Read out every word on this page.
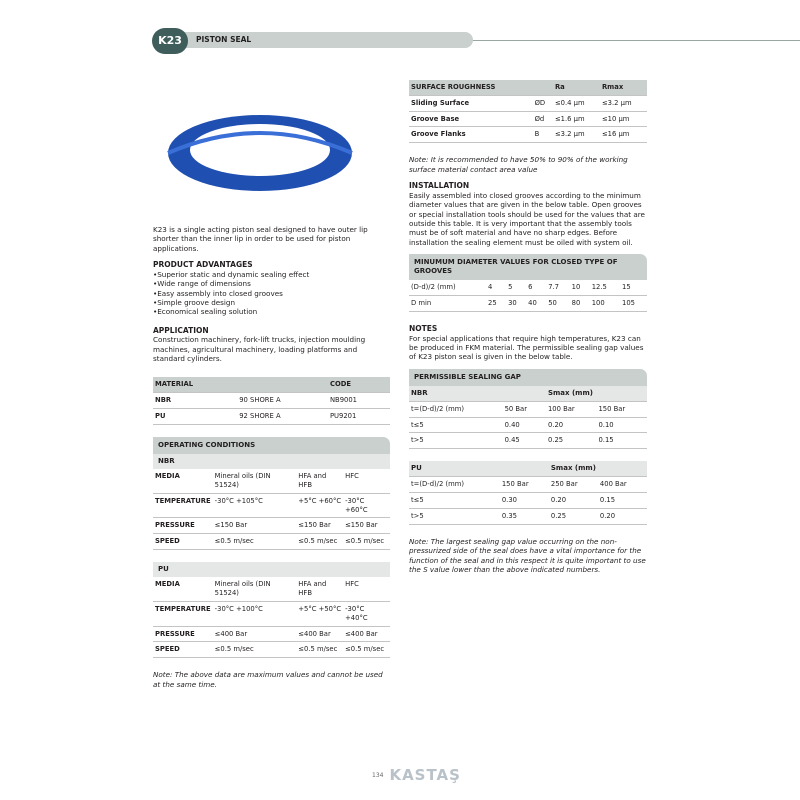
K23	PISTON SEAL

K23 is a single acting piston seal designed to have outer lip shorter than the inner lip in order to be used for piston applications.

PRODUCT ADVANTAGES
• Superior static and dynamic sealing effect
• Wide range of dimensions
• Easy assembly into closed grooves
• Simple groove design
• Economical sealing solution
APPLICATION

Construction machinery, fork-lift trucks, injection moulding machines, agricultural machinery, loading platforms and standard cylinders.

MATERIAL		CODE
NBR	90 SHORE A	NB9001
PU	92 SHORE A	PU9201
OPERATING CONDITIONS
NBR
MEDIA	Mineral oils (DIN 51524)	HFA and HFB	HFC
TEMPERATURE	-30°C +105°C	+5°C +60°C	-30°C +60°C
PRESSURE	≤150 Bar	≤150 Bar	≤150 Bar
SPEED	≤0.5 m/sec	≤0.5 m/sec	≤0.5 m/sec
PU
MEDIA	Mineral oils (DIN 51524)	HFA and HFB	HFC
TEMPERATURE	-30°C +100°C	+5°C +50°C	-30°C +40°C
PRESSURE	≤400 Bar	≤400 Bar	≤400 Bar
SPEED	≤0.5 m/sec	≤0.5 m/sec	≤0.5 m/sec

Note: The above data are maximum values and cannot be used at the same time.

SURFACE ROUGHNESS		Ra	Rmax
Sliding Surface	ØD	≤0.4 µm	≤3.2 µm
Groove Base	Ød	≤1.6 µm	≤10 µm
Groove Flanks	B	≤3.2 µm	≤16 µm

Note: It is recommended to have 50% to 90% of the working surface material contact area value

INSTALLATION

Easily assembled into closed grooves according to the minimum diameter values that are given in the below table. Open grooves or special installation tools should be used for the values that are outside this table. It is very important that the assembly tools must be of soft material and have no sharp edges. Before installation the sealing element must be oiled with system oil.

MINUMUM DIAMETER VALUES FOR CLOSED TYPE OF GROOVES
(D-d)/2 (mm)	4	5	6	7.7	10	12.5	15
D min	25	30	40	50	80	100	105
NOTES

For special applications that require high temperatures, K23 can be produced in FKM material. The permissible sealing gap values of K23 piston seal is given in the below table.

PERMISSIBLE SEALING GAP
NBR		Smax (mm)	
t=(D-d)/2 (mm)	50 Bar	100 Bar	150 Bar
t≤5	0.40	0.20	0.10
t>5	0.45	0.25	0.15
PU		Smax (mm)	
t=(D-d)/2 (mm)	150 Bar	250 Bar	400 Bar
t≤5	0.30	0.20	0.15
t>5	0.35	0.25	0.20

Note: The largest sealing gap value occurring on the non-pressurized side of the seal does have a vital importance for the function of the seal and in this respect it is quite important to use the S value lower than the above indicated numbers.

134 KASTAŞ
